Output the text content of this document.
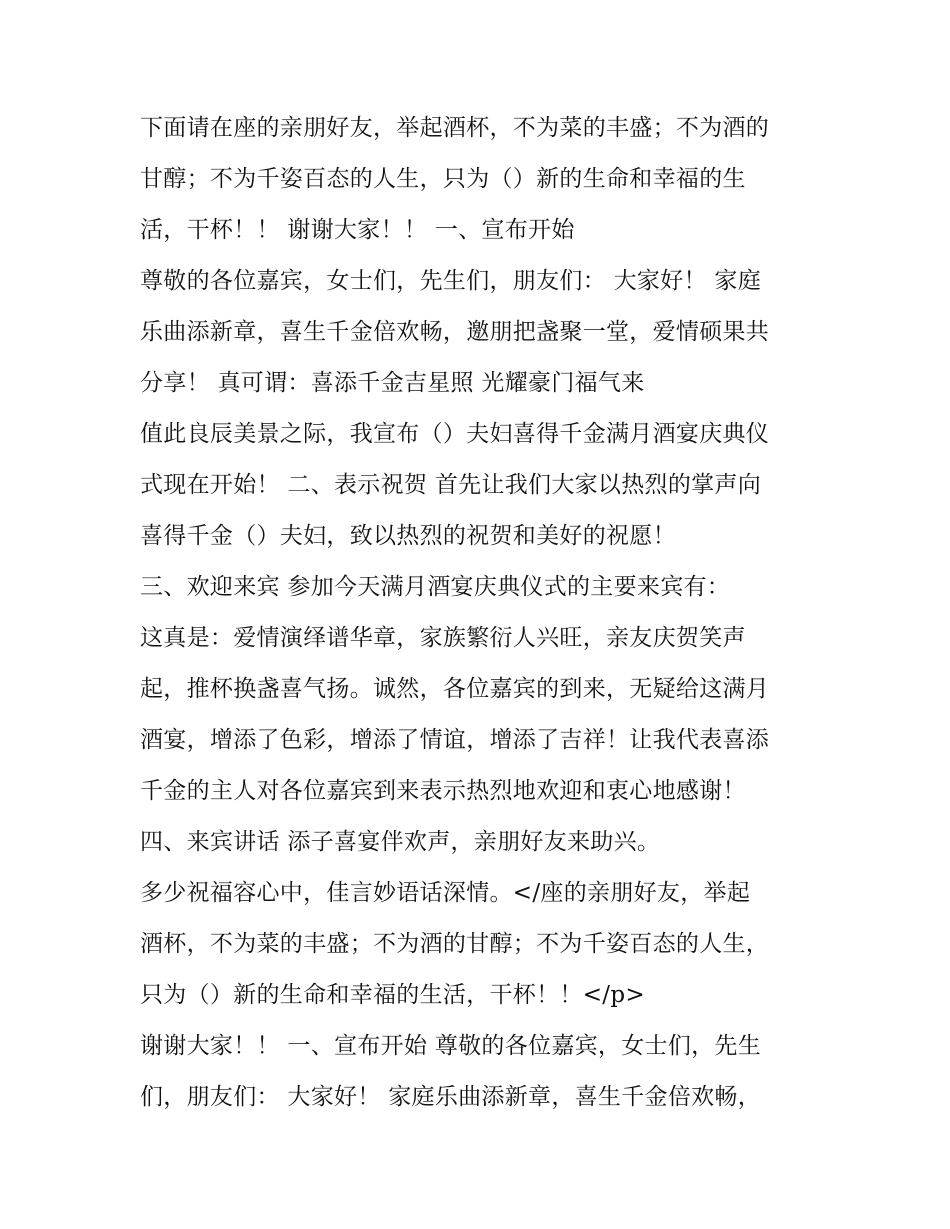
下面请在座的亲朋好友，举起酒杯，不为菜的丰盛；不为酒的
甘醇；不为千姿百态的人生，只为（）新的生命和幸福的生
活，干杯！！ 谢谢大家！！ 一、宣布开始
尊敬的各位嘉宾，女士们，先生们，朋友们： 大家好！ 家庭
乐曲添新章，喜生千金倍欢畅，邀朋把盏聚一堂，爱情硕果共
分享！ 真可谓：喜添千金吉星照 光耀豪门福气来
值此良辰美景之际，我宣布（）夫妇喜得千金满月酒宴庆典仪
式现在开始！ 二、表示祝贺 首先让我们大家以热烈的掌声向
喜得千金（）夫妇，致以热烈的祝贺和美好的祝愿！
三、欢迎来宾 参加今天满月酒宴庆典仪式的主要来宾有：
这真是：爱情演绎谱华章，家族繁衍人兴旺，亲友庆贺笑声
起，推杯换盏喜气扬。诚然，各位嘉宾的到来，无疑给这满月
酒宴，增添了色彩，增添了情谊，增添了吉祥！让我代表喜添
千金的主人对各位嘉宾到来表示热烈地欢迎和衷心地感谢！
四、来宾讲话 添子喜宴伴欢声，亲朋好友来助兴。
多少祝福容心中，佳言妙语话深情。</座的亲朋好友，举起
酒杯，不为菜的丰盛；不为酒的甘醇；不为千姿百态的人生，
只为（）新的生命和幸福的生活，干杯！！</p>
谢谢大家！！ 一、宣布开始 尊敬的各位嘉宾，女士们，先生
们，朋友们： 大家好！ 家庭乐曲添新章，喜生千金倍欢畅，
